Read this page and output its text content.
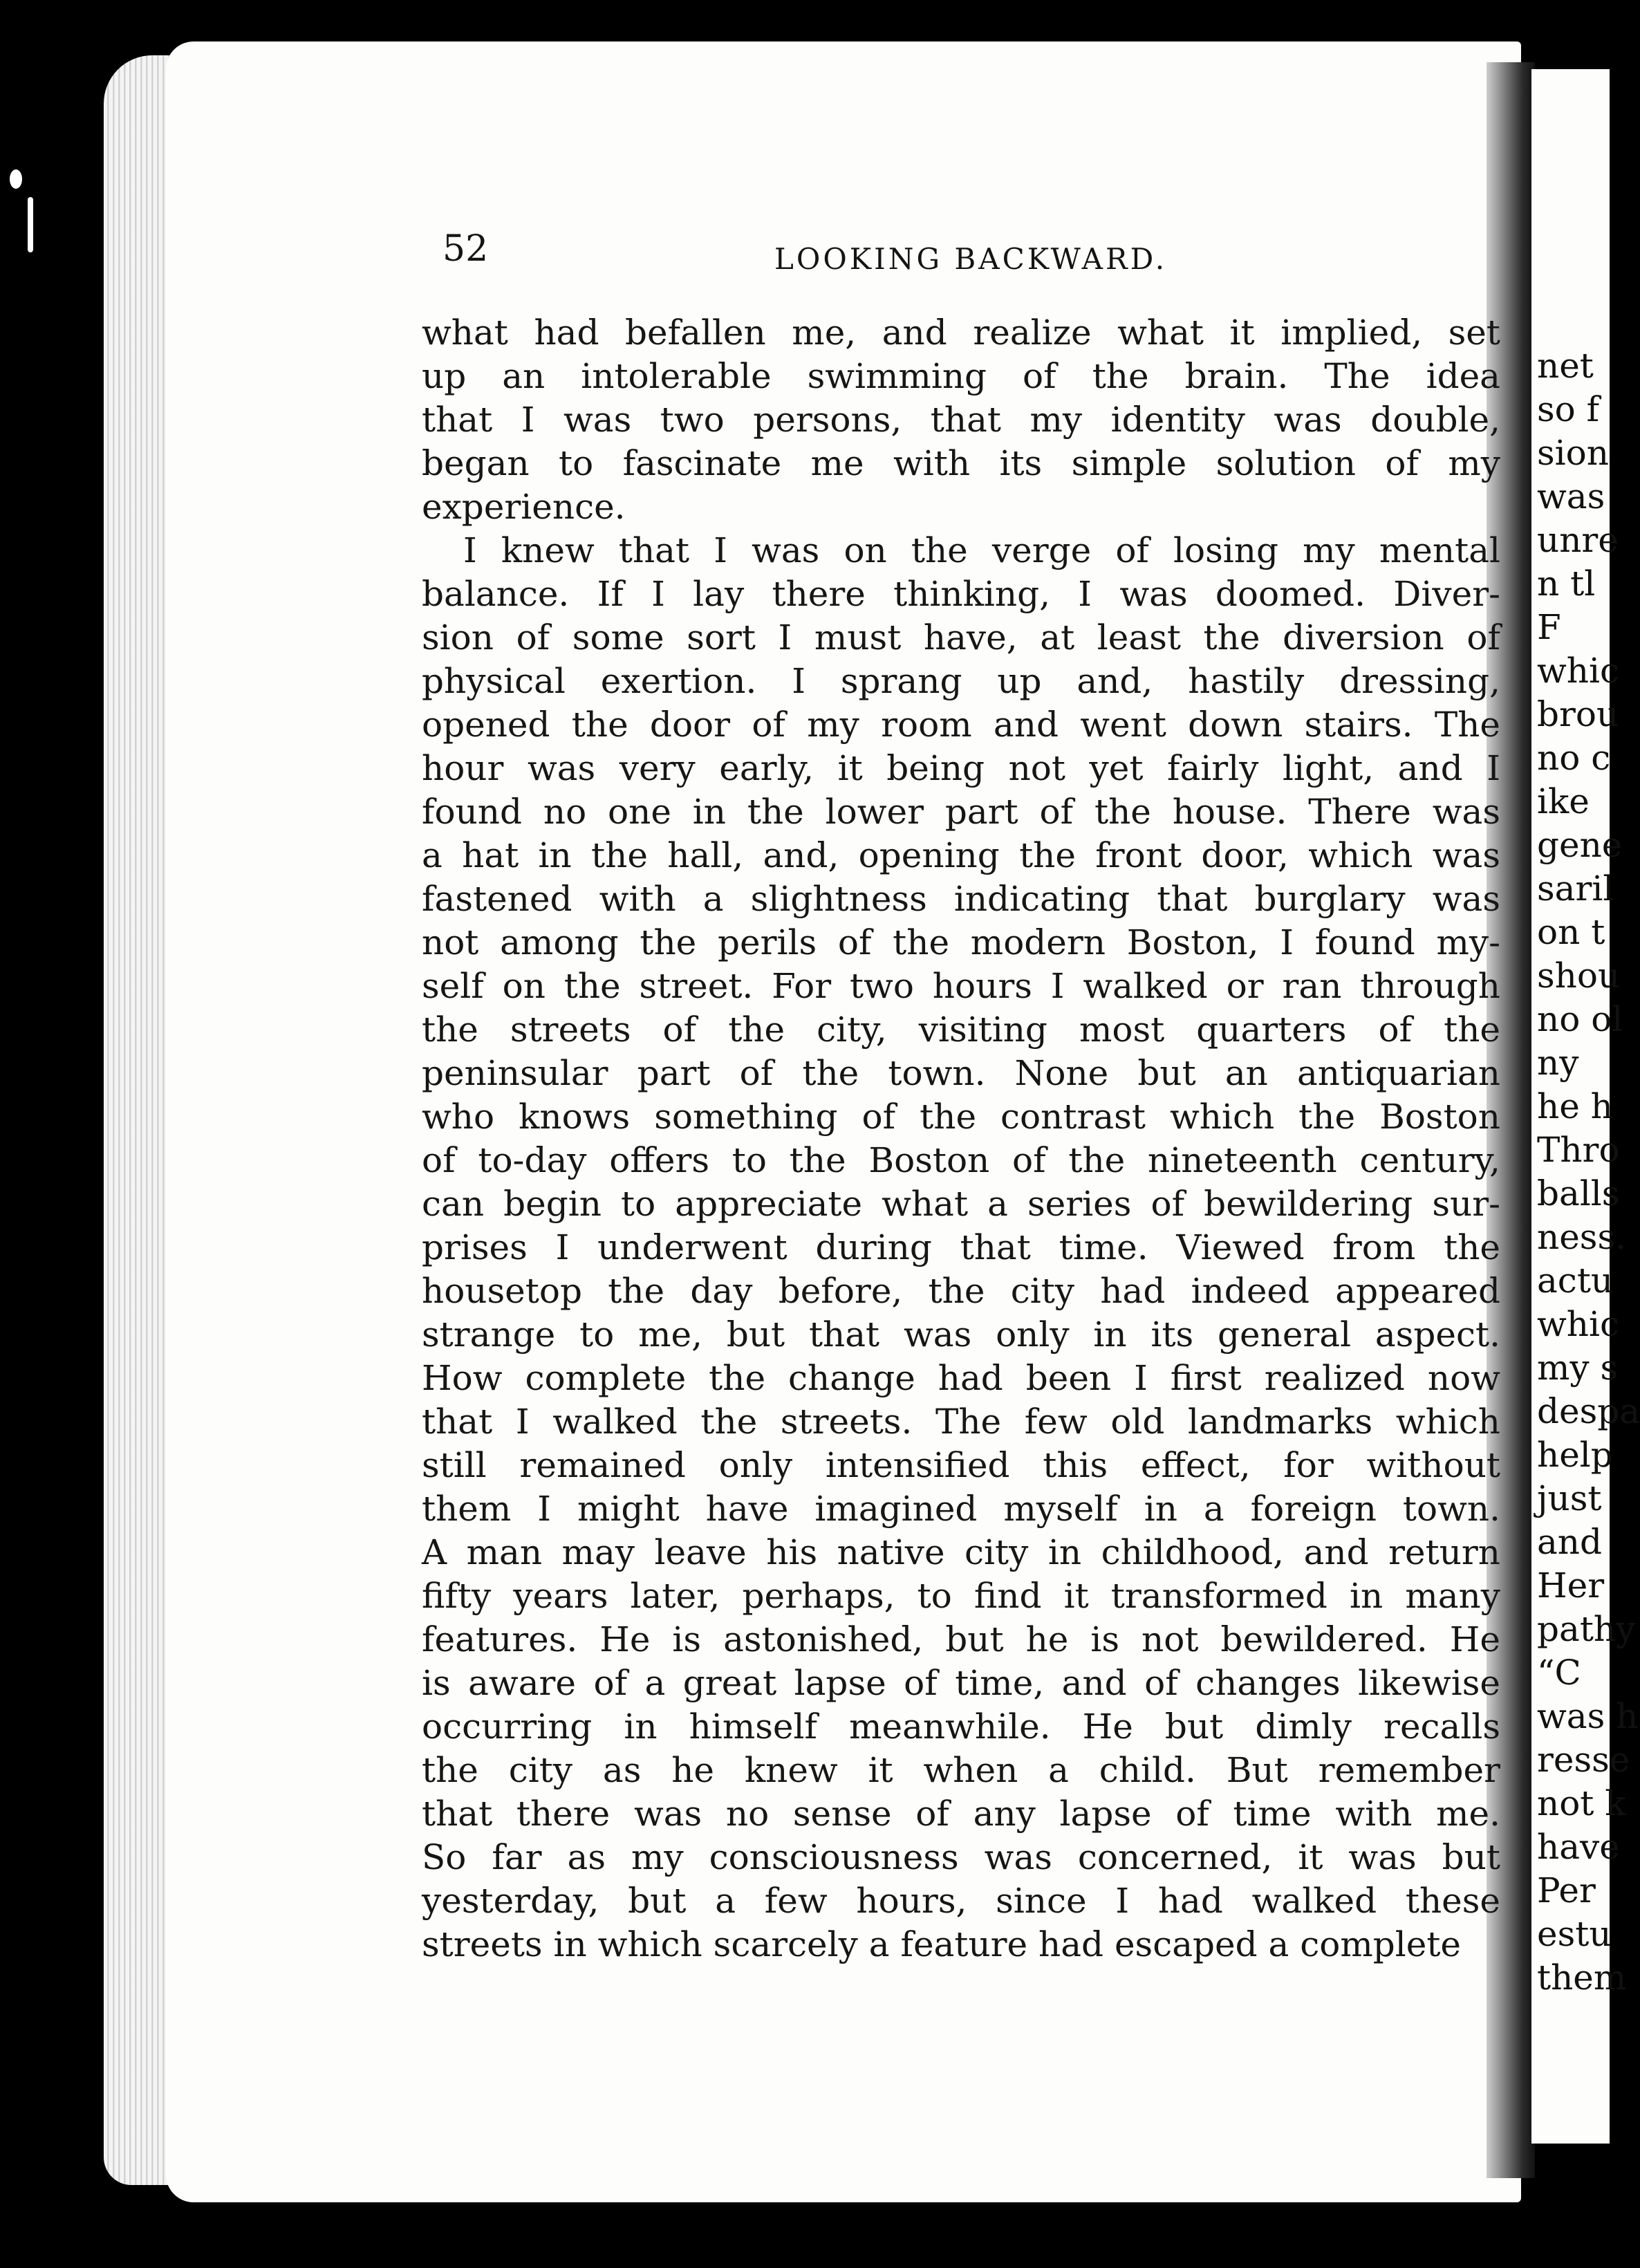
net
so f
sion
was
unre
n tl
F
whic
brou
no c
ike
gene
saril
on t
shou
no ol
ny
he h
Thro
balls
ness.
actu
whic
my s
despa
help
just
and
Her
pathy
“C
was h
resse
not k
have
Per
estu
them
52	LOOKING BACKWARD.
what had befallen me, and realize what it implied, set
up an intolerable swimming of the brain. The idea
that I was two persons, that my identity was double,
began to fascinate me with its simple solution of my
experience.
I knew that I was on the verge of losing my mental
balance. If I lay there thinking, I was doomed. Diver-
sion of some sort I must have, at least the diversion of
physical exertion. I sprang up and, hastily dressing,
opened the door of my room and went down stairs. The
hour was very early, it being not yet fairly light, and I
found no one in the lower part of the house. There was
a hat in the hall, and, opening the front door, which was
fastened with a slightness indicating that burglary was
not among the perils of the modern Boston, I found my-
self on the street. For two hours I walked or ran through
the streets of the city, visiting most quarters of the
peninsular part of the town. None but an antiquarian
who knows something of the contrast which the Boston
of to-day offers to the Boston of the nineteenth century,
can begin to appreciate what a series of bewildering sur-
prises I underwent during that time. Viewed from the
housetop the day before, the city had indeed appeared
strange to me, but that was only in its general aspect.
How complete the change had been I first realized now
that I walked the streets. The few old landmarks which
still remained only intensified this effect, for without
them I might have imagined myself in a foreign town.
A man may leave his native city in childhood, and return
fifty years later, perhaps, to find it transformed in many
features. He is astonished, but he is not bewildered. He
is aware of a great lapse of time, and of changes likewise
occurring in himself meanwhile. He but dimly recalls
the city as he knew it when a child. But remember
that there was no sense of any lapse of time with me.
So far as my consciousness was concerned, it was but
yesterday, but a few hours, since I had walked these
streets in which scarcely a feature had escaped a complete
